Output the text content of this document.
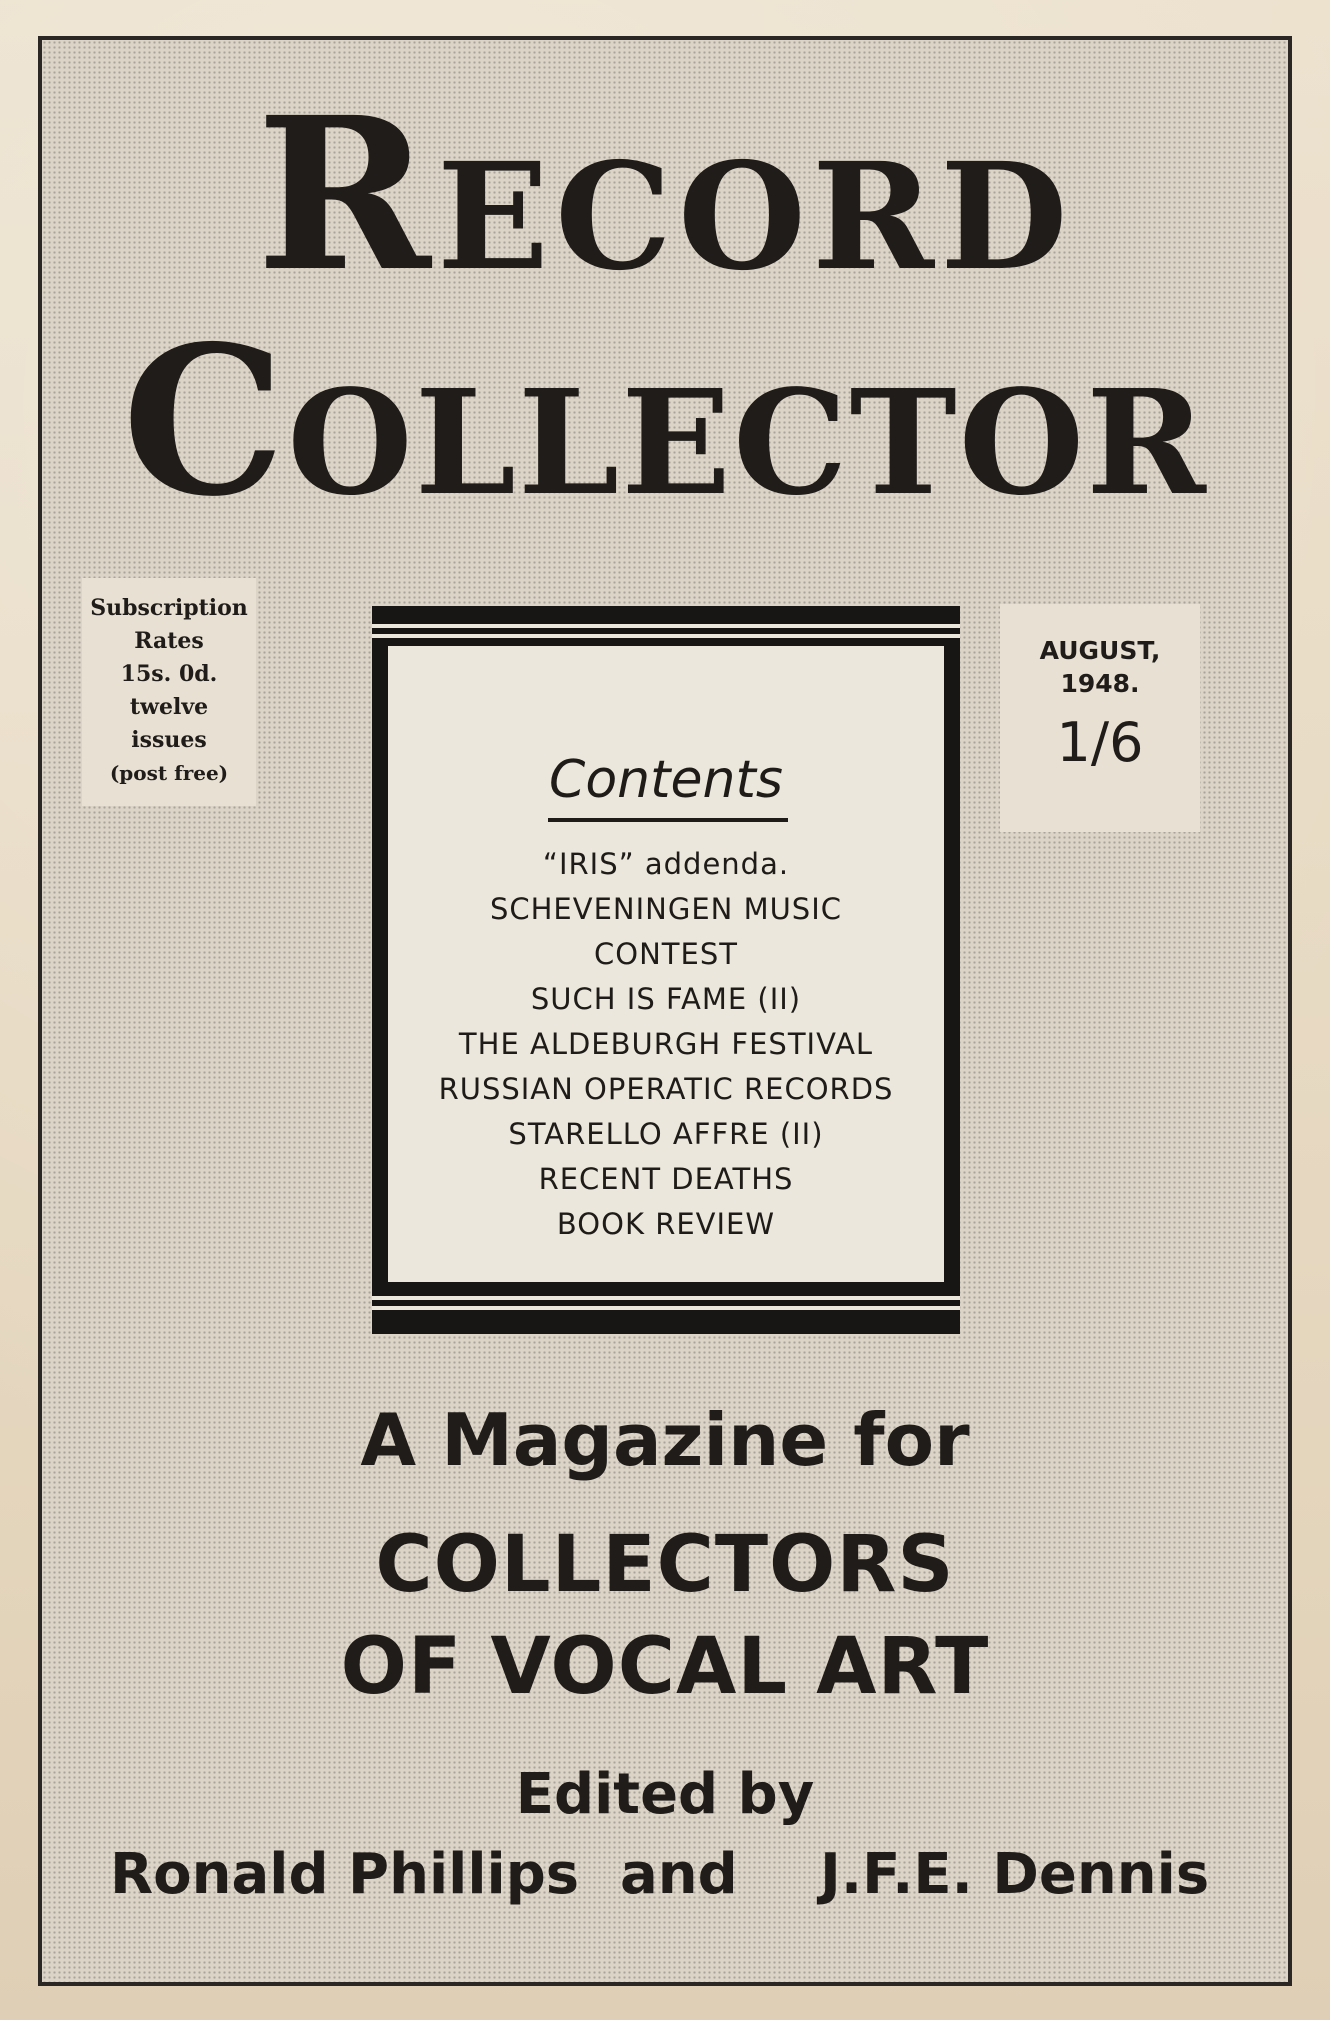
Record
Collector
Subscription
Rates
15s. 0d.
twelve
issues
(post free)
AUGUST,
1948.
1/6
Contents
“IRIS” addenda.
SCHEVENINGEN MUSIC
CONTEST
SUCH IS FAME (II)
THE ALDEBURGH FESTIVAL
RUSSIAN OPERATIC RECORDS
STARELLO AFFRE (II)
RECENT DEATHS
BOOK REVIEW
A Magazine for
COLLECTORS
OF VOCAL ART
Edited by
Ronald Phillips and J.F.E. Dennis
